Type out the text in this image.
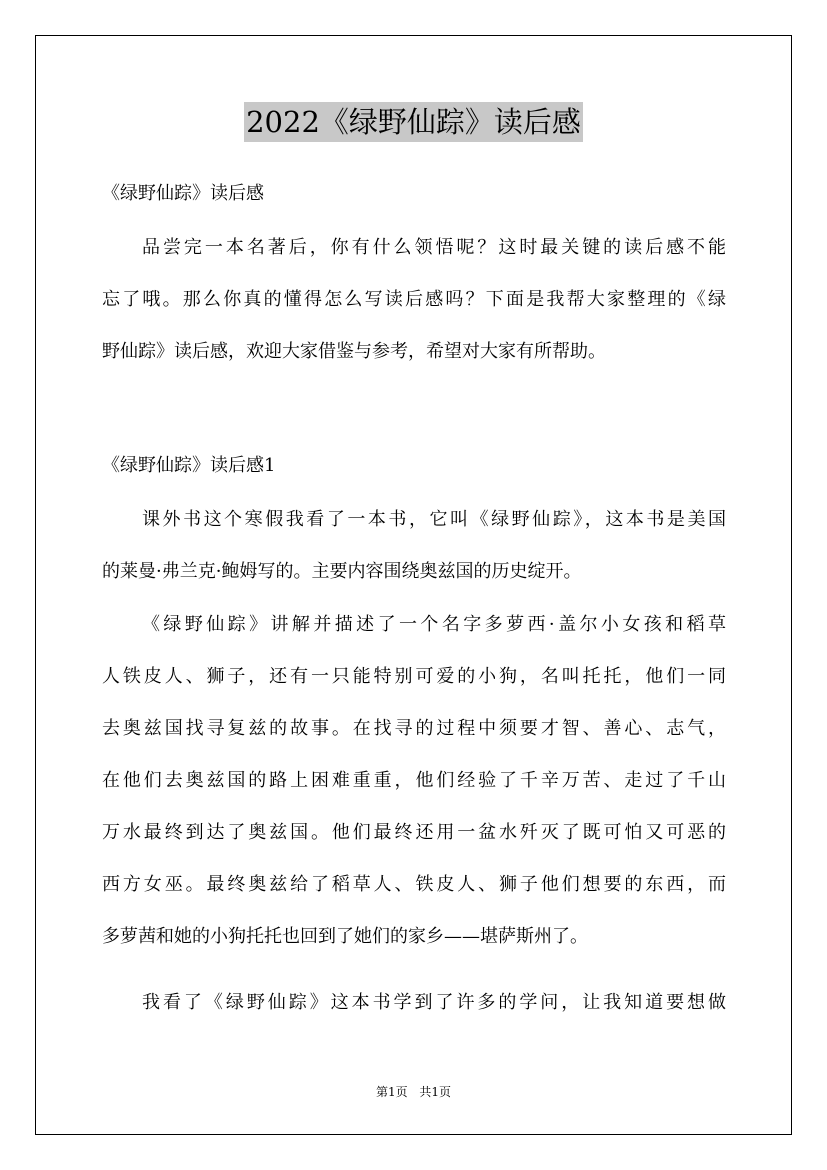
2022《绿野仙踪》读后感
《绿野仙踪》读后感
品尝完一本名著后，你有什么领悟呢？这时最关键的读后感不能
忘了哦。那么你真的懂得怎么写读后感吗？下面是我帮大家整理的《绿
野仙踪》读后感，欢迎大家借鉴与参考，希望对大家有所帮助。
《绿野仙踪》读后感1
课外书这个寒假我看了一本书，它叫《绿野仙踪》，这本书是美国
的莱曼·弗兰克·鲍姆写的。主要内容围绕奥兹国的历史绽开。
《绿野仙踪》讲解并描述了一个名字多萝西·盖尔小女孩和稻草
人铁皮人、狮子，还有一只能特别可爱的小狗，名叫托托，他们一同
去奥兹国找寻复兹的故事。在找寻的过程中须要才智、善心、志气，
在他们去奥兹国的路上困难重重，他们经验了千辛万苦、走过了千山
万水最终到达了奥兹国。他们最终还用一盆水歼灭了既可怕又可恶的
西方女巫。最终奥兹给了稻草人、铁皮人、狮子他们想要的东西，而
多萝茜和她的小狗托托也回到了她们的家乡——堪萨斯州了。
我看了《绿野仙踪》这本书学到了许多的学问，让我知道要想做
第1页 共1页
